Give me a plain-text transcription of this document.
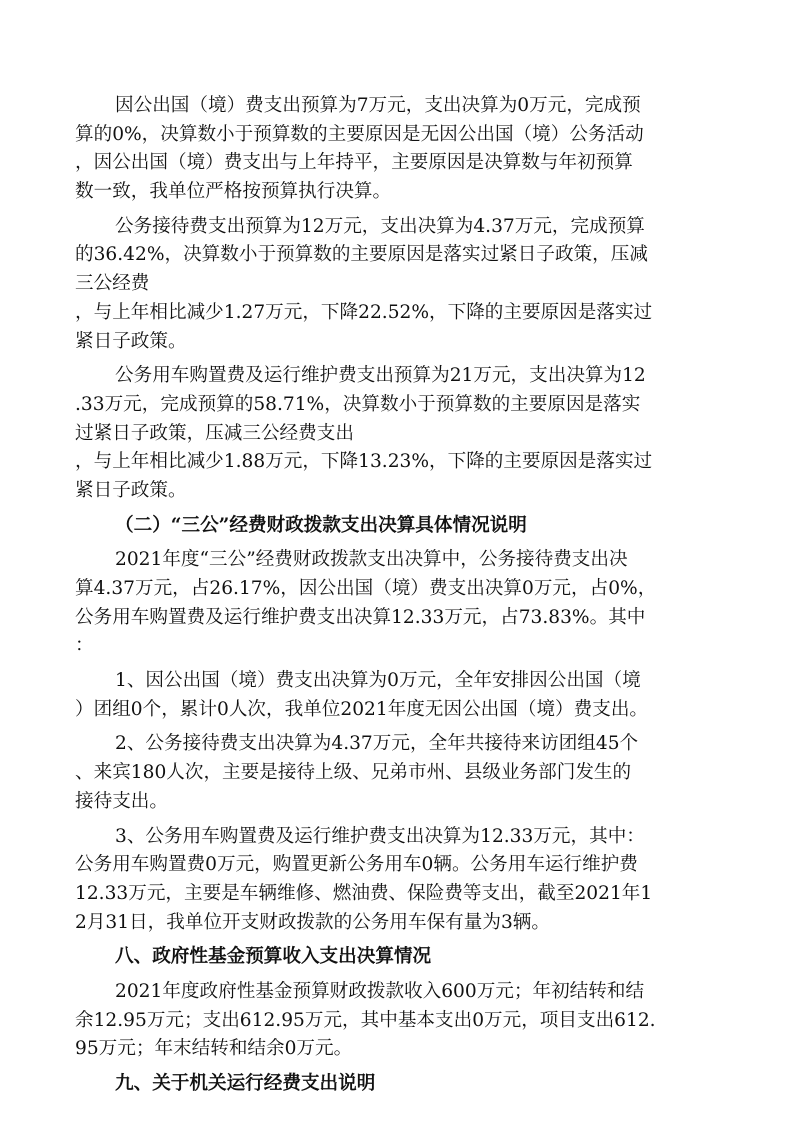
因公出国（境）费支出预算为7万元，支出决算为0万元，完成预
算的0%，决算数小于预算数的主要原因是无因公出国（境）公务活动
，因公出国（境）费支出与上年持平，主要原因是决算数与年初预算
数一致，我单位严格按预算执行决算。
公务接待费支出预算为12万元，支出决算为4.37万元，完成预算
的36.42%，决算数小于预算数的主要原因是落实过紧日子政策，压减
三公经费
，与上年相比减少1.27万元，下降22.52%，下降的主要原因是落实过
紧日子政策。
公务用车购置费及运行维护费支出预算为21万元，支出决算为12
.33万元，完成预算的58.71%，决算数小于预算数的主要原因是落实
过紧日子政策，压减三公经费支出
，与上年相比减少1.88万元，下降13.23%，下降的主要原因是落实过
紧日子政策。
（二）“三公”经费财政拨款支出决算具体情况说明
2021年度“三公”经费财政拨款支出决算中，公务接待费支出决
算4.37万元，占26.17%，因公出国（境）费支出决算0万元，占0%，
公务用车购置费及运行维护费支出决算12.33万元，占73.83%。其中
：
1、因公出国（境）费支出决算为0万元，全年安排因公出国（境
）团组0个，累计0人次，我单位2021年度无因公出国（境）费支出。
2、公务接待费支出决算为4.37万元，全年共接待来访团组45个
、来宾180人次，主要是接待上级、兄弟市州、县级业务部门发生的
接待支出。
3、公务用车购置费及运行维护费支出决算为12.33万元，其中：
公务用车购置费0万元，购置更新公务用车0辆。公务用车运行维护费
12.33万元，主要是车辆维修、燃油费、保险费等支出，截至2021年1
2月31日，我单位开支财政拨款的公务用车保有量为3辆。
八、政府性基金预算收入支出决算情况
2021年度政府性基金预算财政拨款收入600万元；年初结转和结
余12.95万元；支出612.95万元，其中基本支出0万元，项目支出612.
95万元；年末结转和结余0万元。
九、关于机关运行经费支出说明
